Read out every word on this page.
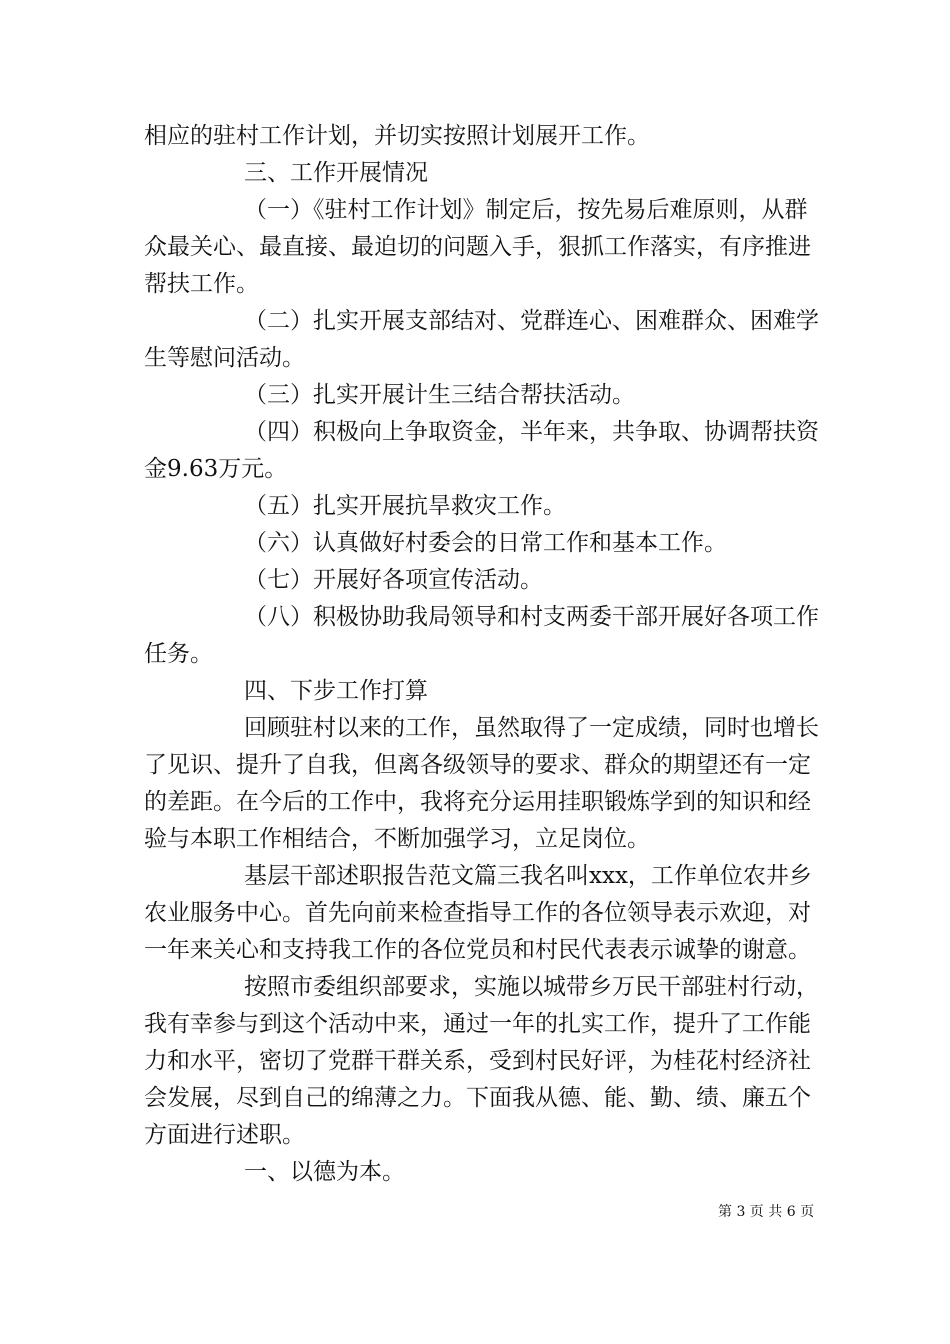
相应的驻村工作计划，并切实按照计划展开工作。
三、工作开展情况
（一）《驻村工作计划》制定后，按先易后难原则，从群
众最关心、最直接、最迫切的问题入手，狠抓工作落实，有序推进
帮扶工作。
（二）扎实开展支部结对、党群连心、困难群众、困难学
生等慰问活动。
（三）扎实开展计生三结合帮扶活动。
（四）积极向上争取资金，半年来，共争取、协调帮扶资
金9.63万元。
（五）扎实开展抗旱救灾工作。
（六）认真做好村委会的日常工作和基本工作。
（七）开展好各项宣传活动。
（八）积极协助我局领导和村支两委干部开展好各项工作
任务。
四、下步工作打算
回顾驻村以来的工作，虽然取得了一定成绩，同时也增长
了见识、提升了自我，但离各级领导的要求、群众的期望还有一定
的差距。在今后的工作中，我将充分运用挂职锻炼学到的知识和经
验与本职工作相结合，不断加强学习，立足岗位。
基层干部述职报告范文篇三我名叫xxx，工作单位农井乡
农业服务中心。首先向前来检查指导工作的各位领导表示欢迎，对
一年来关心和支持我工作的各位党员和村民代表表示诚挚的谢意。
按照市委组织部要求，实施以城带乡万民干部驻村行动，
我有幸参与到这个活动中来，通过一年的扎实工作，提升了工作能
力和水平，密切了党群干群关系，受到村民好评，为桂花村经济社
会发展，尽到自己的绵薄之力。下面我从德、能、勤、绩、廉五个
方面进行述职。
一、以德为本。
第 3 页 共 6 页
